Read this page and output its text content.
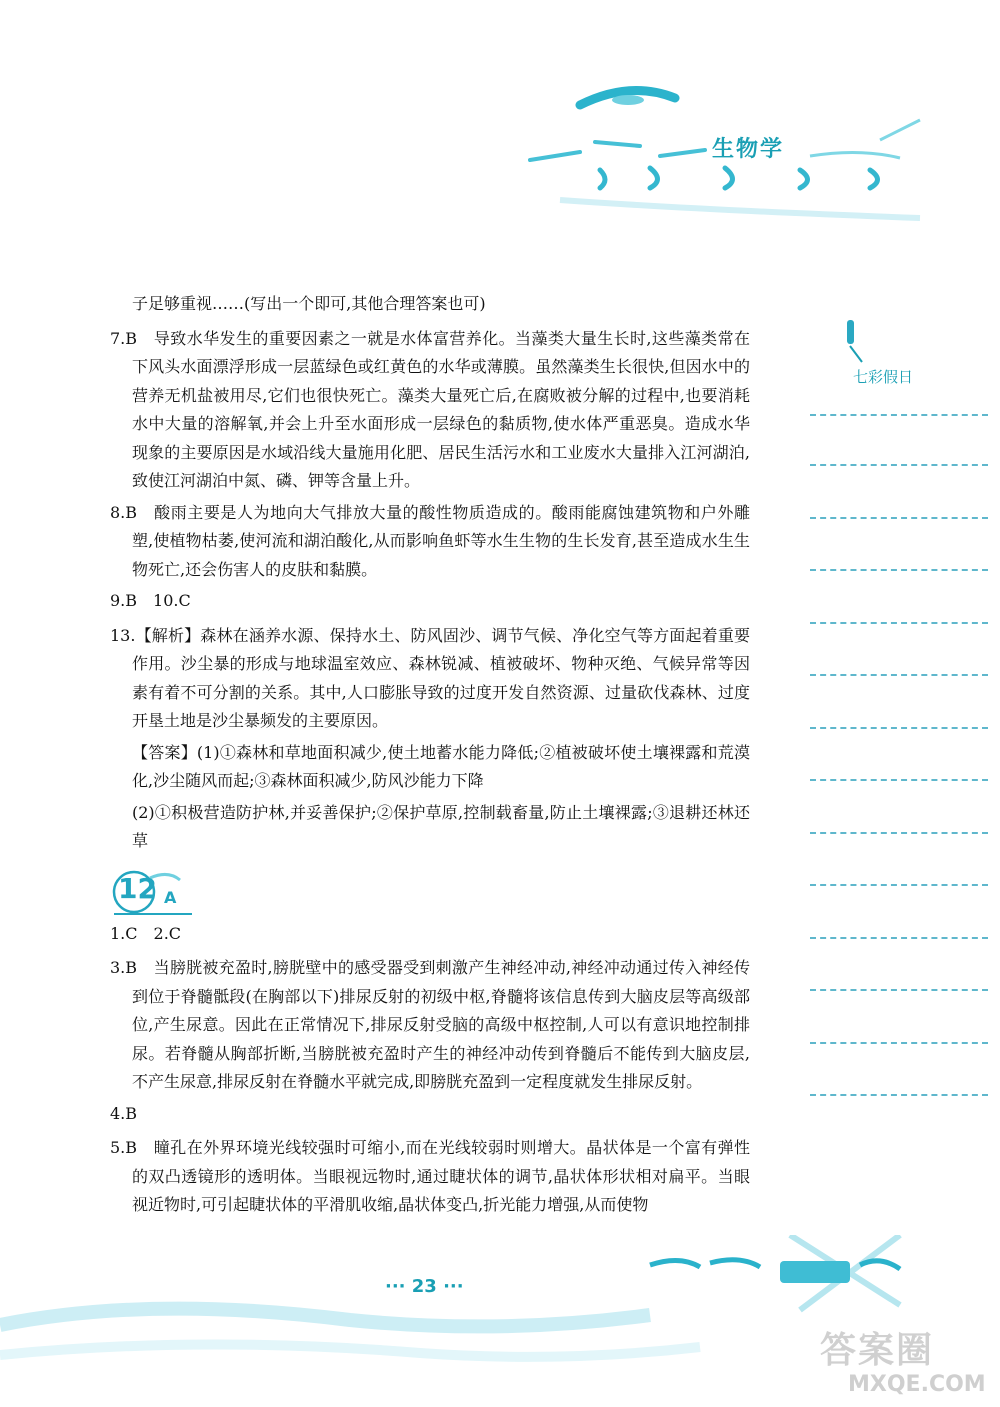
生物学
七彩假日

子足够重视……(写出一个即可,其他合理答案也可)

7.B　导致水华发生的重要因素之一就是水体富营养化。当藻类大量生长时,这些藻类常在下风头水面漂浮形成一层蓝绿色或红黄色的水华或薄膜。虽然藻类生长很快,但因水中的营养无机盐被用尽,它们也很快死亡。藻类大量死亡后,在腐败被分解的过程中,也要消耗水中大量的溶解氧,并会上升至水面形成一层绿色的黏质物,使水体严重恶臭。造成水华现象的主要原因是水域沿线大量施用化肥、居民生活污水和工业废水大量排入江河湖泊,致使江河湖泊中氮、磷、钾等含量上升。

8.B　酸雨主要是人为地向大气排放大量的酸性物质造成的。酸雨能腐蚀建筑物和户外雕塑,使植物枯萎,使河流和湖泊酸化,从而影响鱼虾等水生生物的生长发育,甚至造成水生生物死亡,还会伤害人的皮肤和黏膜。

9.B　10.C

13.【解析】森林在涵养水源、保持水土、防风固沙、调节气候、净化空气等方面起着重要作用。沙尘暴的形成与地球温室效应、森林锐减、植被破坏、物种灭绝、气候异常等因素有着不可分割的关系。其中,人口膨胀导致的过度开发自然资源、过量砍伐森林、过度开垦土地是沙尘暴频发的主要原因。

【答案】(1)①森林和草地面积减少,使土地蓄水能力降低;②植被破坏使土壤裸露和荒漠化,沙尘随风而起;③森林面积减少,防风沙能力下降

(2)①积极营造防护林,并妥善保护;②保护草原,控制载畜量,防止土壤裸露;③退耕还林还草

12 A

1.C　2.C

3.B　当膀胱被充盈时,膀胱壁中的感受器受到刺激产生神经冲动,神经冲动通过传入神经传到位于脊髓骶段(在胸部以下)排尿反射的初级中枢,脊髓将该信息传到大脑皮层等高级部位,产生尿意。因此在正常情况下,排尿反射受脑的高级中枢控制,人可以有意识地控制排尿。若脊髓从胸部折断,当膀胱被充盈时产生的神经冲动传到脊髓后不能传到大脑皮层,不产生尿意,排尿反射在脊髓水平就完成,即膀胱充盈到一定程度就发生排尿反射。

4.B

5.B　瞳孔在外界环境光线较强时可缩小,而在光线较弱时则增大。晶状体是一个富有弹性的双凸透镜形的透明体。当眼视远物时,通过睫状体的调节,晶状体形状相对扁平。当眼视近物时,可引起睫状体的平滑肌收缩,晶状体变凸,折光能力增强,从而使物

··· 23 ···
答案圈
MXQE.COM
